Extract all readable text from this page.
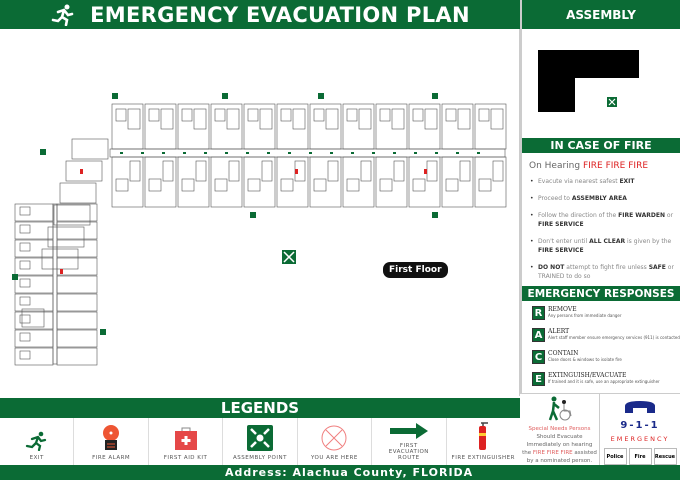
EMERGENCY EVACUATION PLAN
First Floor
ASSEMBLY
IN CASE OF FIRE
On Hearing FIRE FIRE FIRE
• Evacute via nearest safest EXIT
• Proceed to ASSEMBLY AREA
• Follow the direction of the FIRE WARDEN or FIRE SERVICE
• Don't enter until ALL CLEAR is given by the FIRE SERVICE
• DO NOT attempt to fight fire unless SAFE or TRAINED to do so
EMERGENCY RESPONSES
R REMOVE
Any persons from immediate danger
A ALERT
Alert staff member ensure emergency services (911) is contacted
C CONTAIN
Close doors & windows to isolate fire
E	EXTINGUISH/EVACUATE
If trained and it is safe, use an appropriate extinguisher
Special Needs Persons
Should Evacuate
Immediately on hearing
the FIRE FIRE FIRE assisted
by a nominated person.
9-1-1
EMERGENCY
Police	Fire	Rescue
LEGENDS
EXIT	FIRE ALARM	FIRST AID KIT	ASSEMBLY POINT	YOU ARE HERE
FIRST EVACUATION ROUTE	FIRE EXTINGUISHER
Address: Alachua County, FLORIDA
